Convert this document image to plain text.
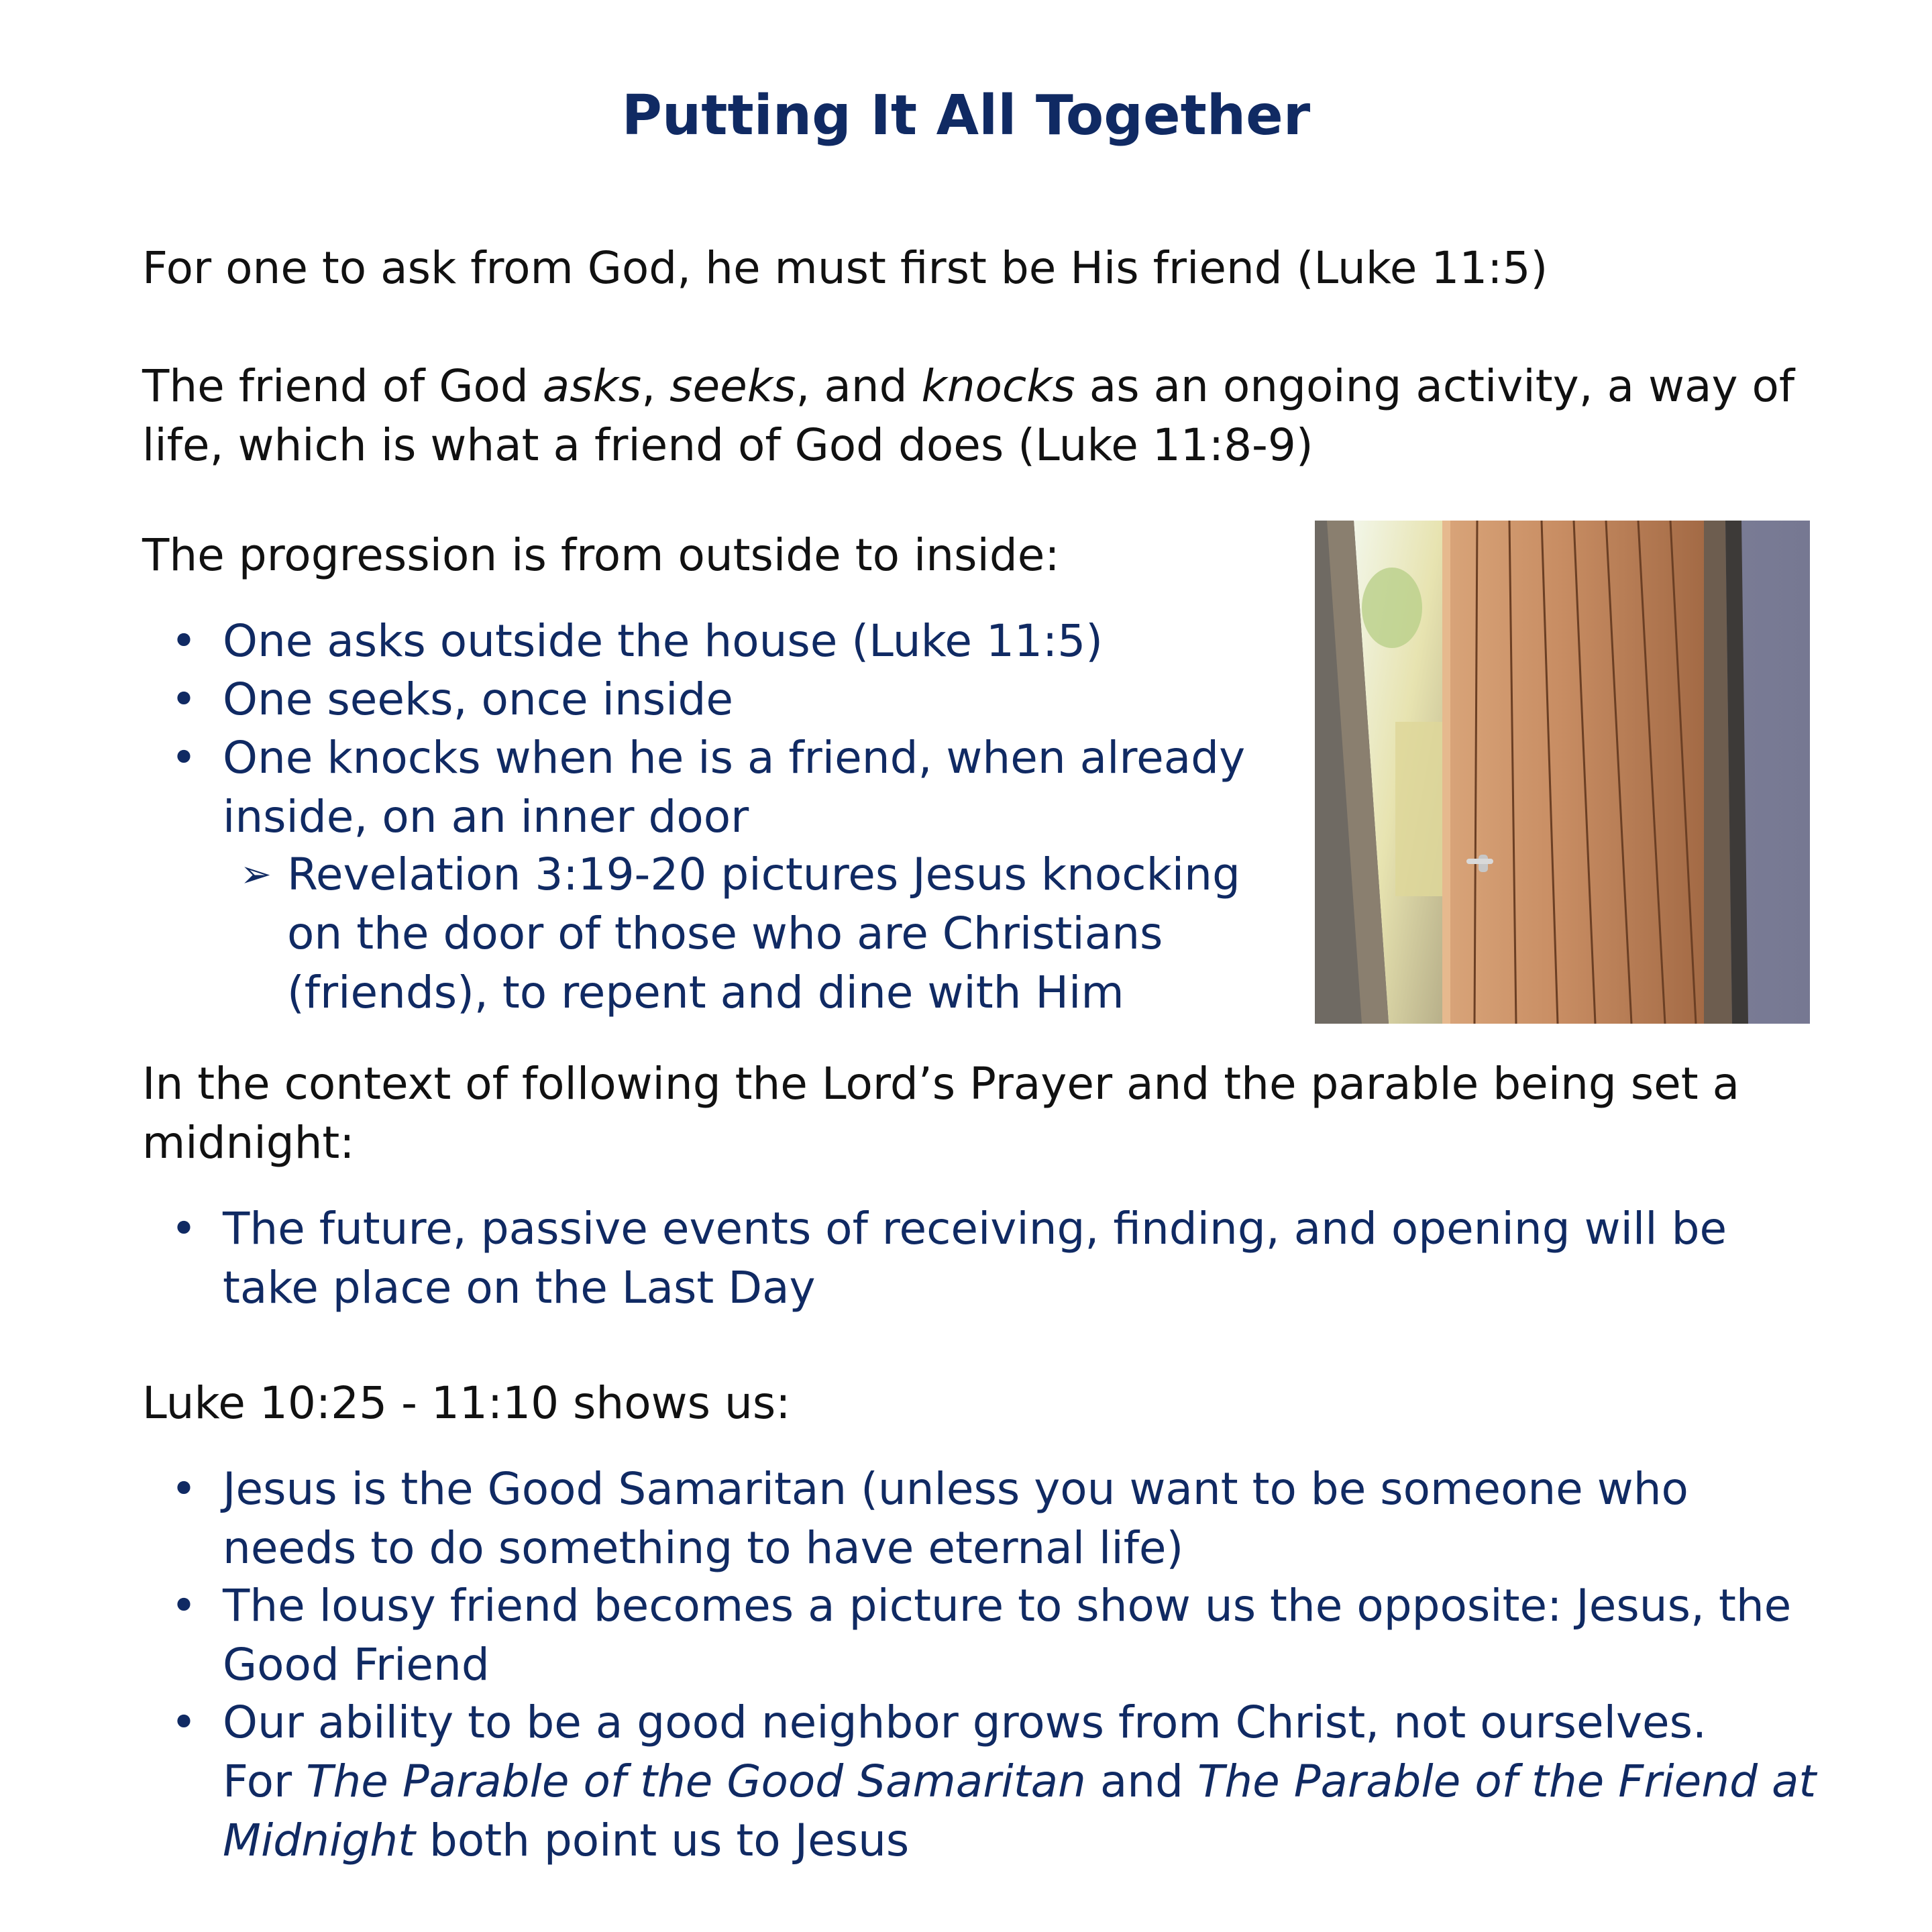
Putting It All Together
For one to ask from God, he must first be His friend (Luke 11:5)
The friend of God asks, seeks, and knocks as an ongoing activity, a way of
life, which is what a friend of God does (Luke 11:8-9)
The progression is from outside to inside:
• One asks outside the house (Luke 11:5)
• One seeks, once inside
• One knocks when he is a friend, when already
inside, on an inner door
➢ Revelation 3:19-20 pictures Jesus knocking
on the door of those who are Christians
(friends), to repent and dine with Him
In the context of following the Lord’s Prayer and the parable being set a
midnight:
• The future, passive events of receiving, finding, and opening will be
take place on the Last Day
Luke 10:25 - 11:10 shows us:
• Jesus is the Good Samaritan (unless you want to be someone who
needs to do something to have eternal life)
• The lousy friend becomes a picture to show us the opposite: Jesus, the
Good Friend
• Our ability to be a good neighbor grows from Christ, not ourselves.
For The Parable of the Good Samaritan and The Parable of the Friend at
Midnight both point us to Jesus
